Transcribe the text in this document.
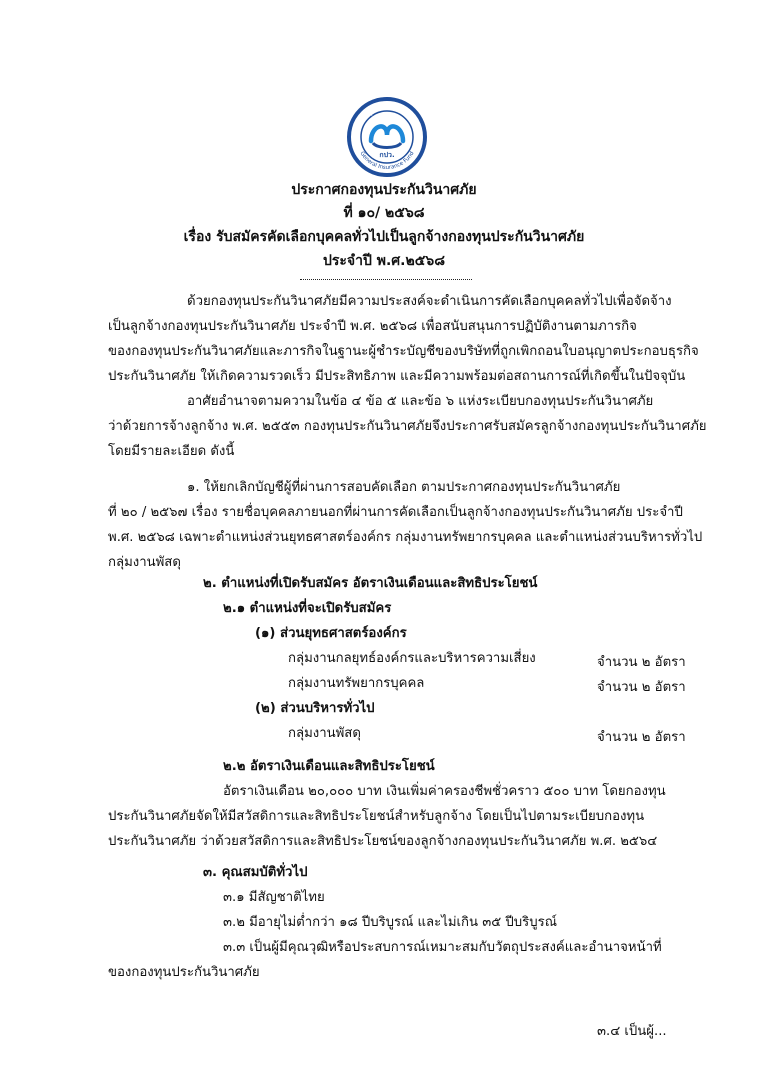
กปว.
กองทุนประกันวินาศภัย
General Insurance Fund
ประกาศกองทุนประกันวินาศภัย
ที่ ๑๐/ ๒๕๖๘
เรื่อง รับสมัครคัดเลือกบุคคลทั่วไปเป็นลูกจ้างกองทุนประกันวินาศภัย
ประจำปี พ.ศ.๒๕๖๘
ด้วยกองทุนประกันวินาศภัยมีความประสงค์จะดำเนินการคัดเลือกบุคคลทั่วไปเพื่อจัดจ้าง
เป็นลูกจ้างกองทุนประกันวินาศภัย ประจำปี พ.ศ. ๒๕๖๘ เพื่อสนับสนุนการปฏิบัติงานตามภารกิจ
ของกองทุนประกันวินาศภัยและภารกิจในฐานะผู้ชำระบัญชีของบริษัทที่ถูกเพิกถอนใบอนุญาตประกอบธุรกิจ
ประกันวินาศภัย ให้เกิดความรวดเร็ว มีประสิทธิภาพ และมีความพร้อมต่อสถานการณ์ที่เกิดขึ้นในปัจจุบัน
อาศัยอำนาจตามความในข้อ ๔ ข้อ ๕ และข้อ ๖ แห่งระเบียบกองทุนประกันวินาศภัย
ว่าด้วยการจ้างลูกจ้าง พ.ศ. ๒๕๕๓ กองทุนประกันวินาศภัยจึงประกาศรับสมัครลูกจ้างกองทุนประกันวินาศภัย
โดยมีรายละเอียด ดังนี้
๑. ให้ยกเลิกบัญชีผู้ที่ผ่านการสอบคัดเลือก ตามประกาศกองทุนประกันวินาศภัย
ที่ ๒๐ / ๒๕๖๗ เรื่อง รายชื่อบุคคลภายนอกที่ผ่านการคัดเลือกเป็นลูกจ้างกองทุนประกันวินาศภัย ประจำปี
พ.ศ. ๒๕๖๘ เฉพาะตำแหน่งส่วนยุทธศาสตร์องค์กร กลุ่มงานทรัพยากรบุคคล และตำแหน่งส่วนบริหารทั่วไป
กลุ่มงานพัสดุ
๒. ตำแหน่งที่เปิดรับสมัคร อัตราเงินเดือนและสิทธิประโยชน์
๒.๑ ตำแหน่งที่จะเปิดรับสมัคร
(๑) ส่วนยุทธศาสตร์องค์กร
กลุ่มงานกลยุทธ์องค์กรและบริหารความเสี่ยง	จำนวน ๒ อัตรา
กลุ่มงานทรัพยากรบุคคล	จำนวน ๒ อัตรา
(๒) ส่วนบริหารทั่วไป
กลุ่มงานพัสดุ	จำนวน ๒ อัตรา
๒.๒ อัตราเงินเดือนและสิทธิประโยชน์
อัตราเงินเดือน ๒๐,๐๐๐ บาท เงินเพิ่มค่าครองชีพชั่วคราว ๕๐๐ บาท โดยกองทุน
ประกันวินาศภัยจัดให้มีสวัสดิการและสิทธิประโยชน์สำหรับลูกจ้าง โดยเป็นไปตามระเบียบกองทุน
ประกันวินาศภัย ว่าด้วยสวัสดิการและสิทธิประโยชน์ของลูกจ้างกองทุนประกันวินาศภัย พ.ศ. ๒๕๖๔
๓. คุณสมบัติทั่วไป
๓.๑ มีสัญชาติไทย
๓.๒ มีอายุไม่ต่ำกว่า ๑๘ ปีบริบูรณ์ และไม่เกิน ๓๕ ปีบริบูรณ์
๓.๓ เป็นผู้มีคุณวุฒิหรือประสบการณ์เหมาะสมกับวัตถุประสงค์และอำนาจหน้าที่
ของกองทุนประกันวินาศภัย
๓.๔ เป็นผู้...
